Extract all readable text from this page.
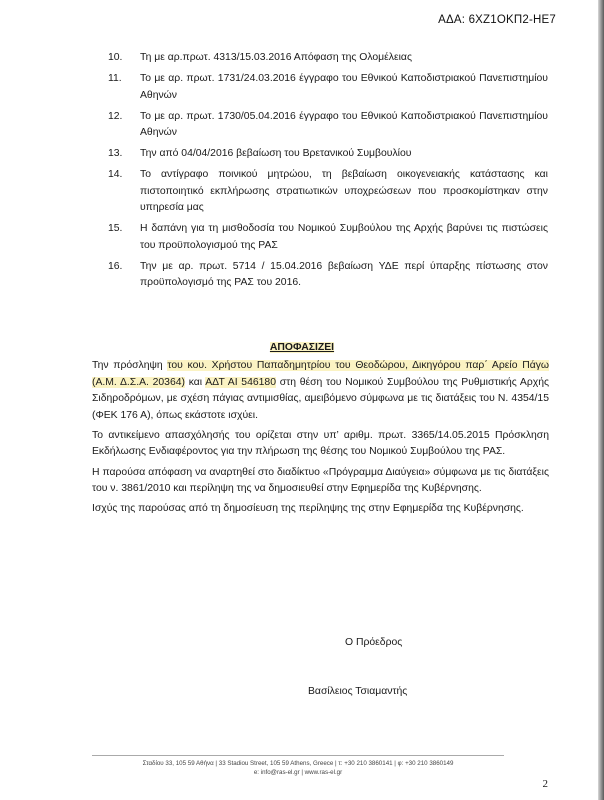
ΑΔΑ: 6ΧΖ1ΟΚΠ2-ΗΕ7
10. Τη με αρ.πρωτ. 4313/15.03.2016 Απόφαση της Ολομέλειας
11. Το με αρ. πρωτ. 1731/24.03.2016 έγγραφο του Εθνικού Καποδιστριακού Πανεπιστημίου Αθηνών
12. Το με αρ. πρωτ. 1730/05.04.2016 έγγραφο του Εθνικού Καποδιστριακού Πανεπιστημίου Αθηνών
13. Την από 04/04/2016 βεβαίωση του Βρετανικού Συμβουλίου
14. Το αντίγραφο ποινικού μητρώου, τη βεβαίωση οικογενειακής κατάστασης και πιστοποιητικό εκπλήρωσης στρατιωτικών υποχρεώσεων που προσκομίστηκαν στην υπηρεσία μας
15. Η δαπάνη για τη μισθοδοσία του Νομικού Συμβούλου της Αρχής βαρύνει τις πιστώσεις του προϋπολογισμού της ΡΑΣ
16. Την με αρ. πρωτ. 5714 / 15.04.2016 βεβαίωση ΥΔΕ περί ύπαρξης πίστωσης στον προϋπολογισμό της ΡΑΣ του 2016.
ΑΠΟΦΑΣΙΖΕΙ

Την πρόσληψη του κου. Χρήστου Παπαδημητρίου του Θεοδώρου, Δικηγόρου παρ΄ Αρείο Πάγω (Α.Μ. Δ.Σ.Α. 20364) και ΑΔΤ ΑΙ 546180 στη θέση του Νομικού Συμβούλου της Ρυθμιστικής Αρχής Σιδηροδρόμων, με σχέση πάγιας αντιμισθίας, αμειβόμενο σύμφωνα με τις διατάξεις του Ν. 4354/15 (ΦΕΚ 176 Α), όπως εκάστοτε ισχύει.

Το αντικείμενο απασχόλησής του ορίζεται στην υπ’ αριθμ. πρωτ. 3365/14.05.2015 Πρόσκληση Εκδήλωσης Ενδιαφέροντος για την πλήρωση της θέσης του Νομικού Συμβούλου της ΡΑΣ.

Η παρούσα απόφαση να αναρτηθεί στο διαδίκτυο «Πρόγραμμα Διαύγεια» σύμφωνα με τις διατάξεις του ν. 3861/2010 και περίληψη της να δημοσιευθεί στην Εφημερίδα της Κυβέρνησης.

Ισχύς της παρούσας από τη δημοσίευση της περίληψης της στην Εφημερίδα της Κυβέρνησης.

Ο Πρόεδρος
Βασίλειος Τσιαμαντής
Σταδίου 33, 105 59 Αθήνα | 33 Stadiou Street, 105 59 Athens, Greece | τ: +30 210 3860141 | φ: +30 210 3860149
e: info@ras-el.gr | www.ras-el.gr
2
